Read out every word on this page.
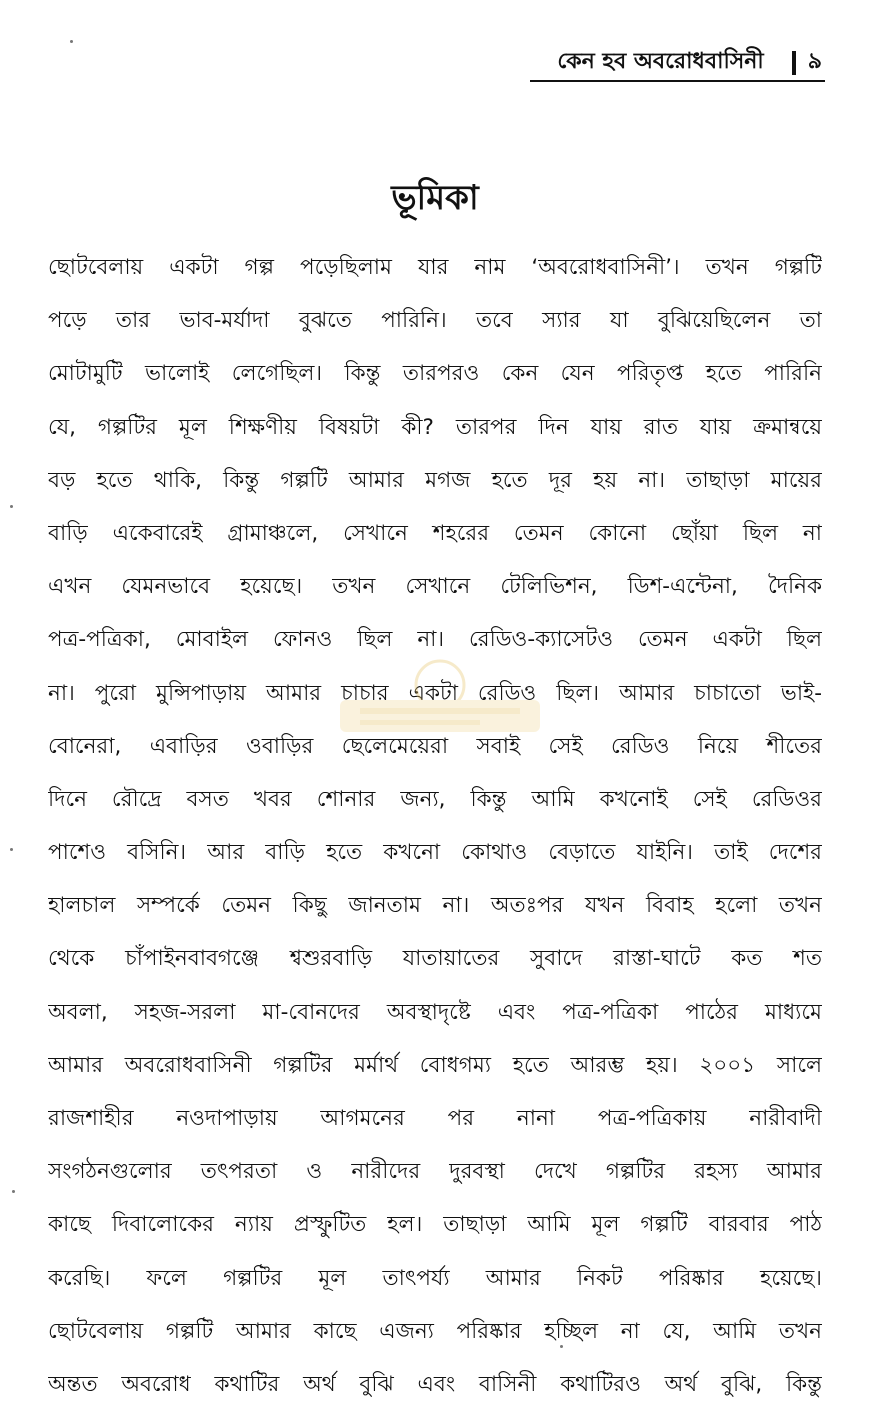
কেন হব অবরোধবাসিনী ৯
ভূমিকা
ছোটবেলায় একটা গল্প পড়েছিলাম যার নাম ‘অবরোধবাসিনী’। তখন গল্পটি
পড়ে তার ভাব-মর্যাদা বুঝতে পারিনি। তবে স্যার যা বুঝিয়েছিলেন তা
মোটামুটি ভালোই লেগেছিল। কিন্তু তারপরও কেন যেন পরিতৃপ্ত হতে পারিনি
যে, গল্পটির মূল শিক্ষণীয় বিষয়টা কী? তারপর দিন যায় রাত যায় ক্রমান্বয়ে
বড় হতে থাকি, কিন্তু গল্পটি আমার মগজ হতে দূর হয় না। তাছাড়া মায়ের
বাড়ি একেবারেই গ্রামাঞ্চলে, সেখানে শহরের তেমন কোনো ছোঁয়া ছিল না
এখন যেমনভাবে হয়েছে। তখন সেখানে টেলিভিশন, ডিশ-এন্টেনা, দৈনিক
পত্র-পত্রিকা, মোবাইল ফোনও ছিল না। রেডিও-ক্যাসেটও তেমন একটা ছিল
না। পুরো মুন্সিপাড়ায় আমার চাচার একটা রেডিও ছিল। আমার চাচাতো ভাই-
বোনেরা, এবাড়ির ওবাড়ির ছেলেমেয়েরা সবাই সেই রেডিও নিয়ে শীতের
দিনে রৌদ্রে বসত খবর শোনার জন্য, কিন্তু আমি কখনোই সেই রেডিওর
পাশেও বসিনি। আর বাড়ি হতে কখনো কোথাও বেড়াতে যাইনি। তাই দেশের
হালচাল সম্পর্কে তেমন কিছু জানতাম না। অতঃপর যখন বিবাহ হলো তখন
থেকে চাঁপাইনবাবগঞ্জে শ্বশুরবাড়ি যাতায়াতের সুবাদে রাস্তা-ঘাটে কত শত
অবলা, সহজ-সরলা মা-বোনদের অবস্থাদৃষ্টে এবং পত্র-পত্রিকা পাঠের মাধ্যমে
আমার অবরোধবাসিনী গল্পটির মর্মার্থ বোধগম্য হতে আরম্ভ হয়। ২০০১ সালে
রাজশাহীর নওদাপাড়ায় আগমনের পর নানা পত্র-পত্রিকায় নারীবাদী
সংগঠনগুলোর তৎপরতা ও নারীদের দুরবস্থা দেখে গল্পটির রহস্য আমার
কাছে দিবালোকের ন্যায় প্রস্ফুটিত হল। তাছাড়া আমি মূল গল্পটি বারবার পাঠ
করেছি। ফলে গল্পটির মূল তাৎপর্য্য আমার নিকট পরিষ্কার হয়েছে।
ছোটবেলায় গল্পটি আমার কাছে এজন্য পরিষ্কার হচ্ছিল না যে, আমি তখন
অন্তত অবরোধ কথাটির অর্থ বুঝি এবং বাসিনী কথাটিরও অর্থ বুঝি, কিন্তু
